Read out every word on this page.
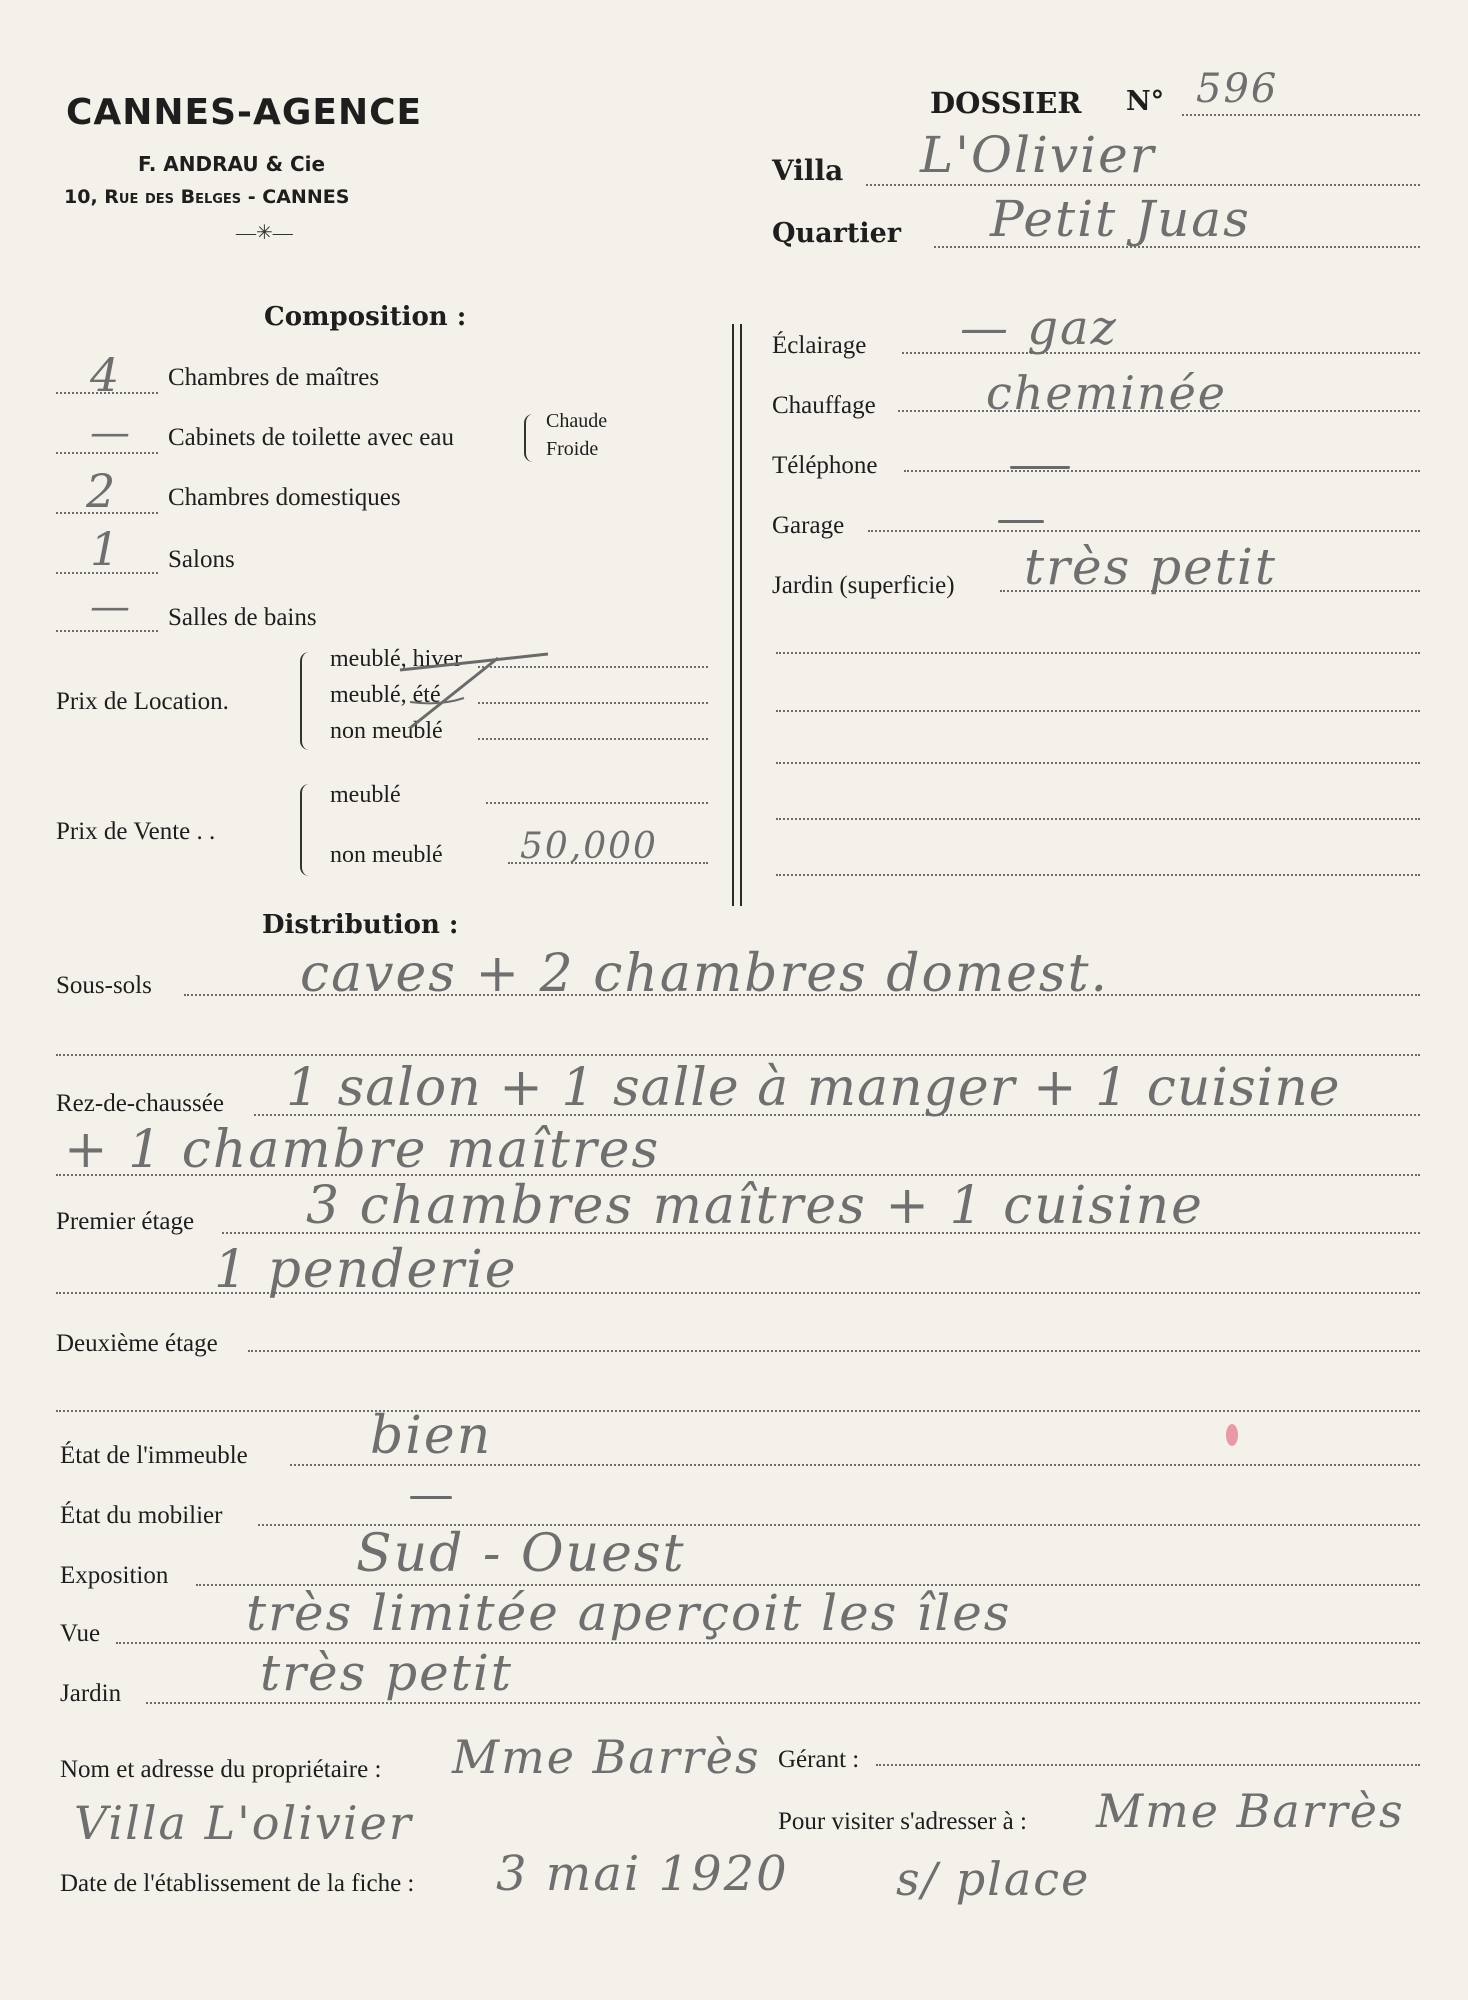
CANNES-AGENCE
F. ANDRAU & Cie
10, Rue des Belges - CANNES
—✳—
DOSSIER N° 596
Villa L'Olivier
Quartier Petit Juas
Composition :
4 Chambres de maîtres
— Cabinets de toilette avec eau
Chaude
Froide
2 Chambres domestiques
1 Salons
— Salles de bains
Prix de Location.
meublé, hiver
meublé, été
non meublé
Prix de Vente . .
meublé
non meublé 50,000
Éclairage — gaz
Chauffage cheminée
Téléphone
Garage
Jardin (superficie) très petit
Distribution :
Sous-sols	caves + 2 chambres domest.
Rez-de-chaussée 1 salon + 1 salle à manger + 1 cuisine
+ 1 chambre maîtres
Premier étage 3 chambres maîtres + 1 cuisine
1 penderie
Deuxième étage
État de l'immeuble bien
État du mobilier
Exposition	Sud - Ouest
Vue	très limitée aperçoit les îles
Jardin	très petit
Nom et adresse du propriétaire : Mme Barrès
Villa L'olivier
Gérant :
Pour visiter s'adresser à : Mme Barrès
s/ place
Date de l'établissement de la fiche : 3 mai 1920
